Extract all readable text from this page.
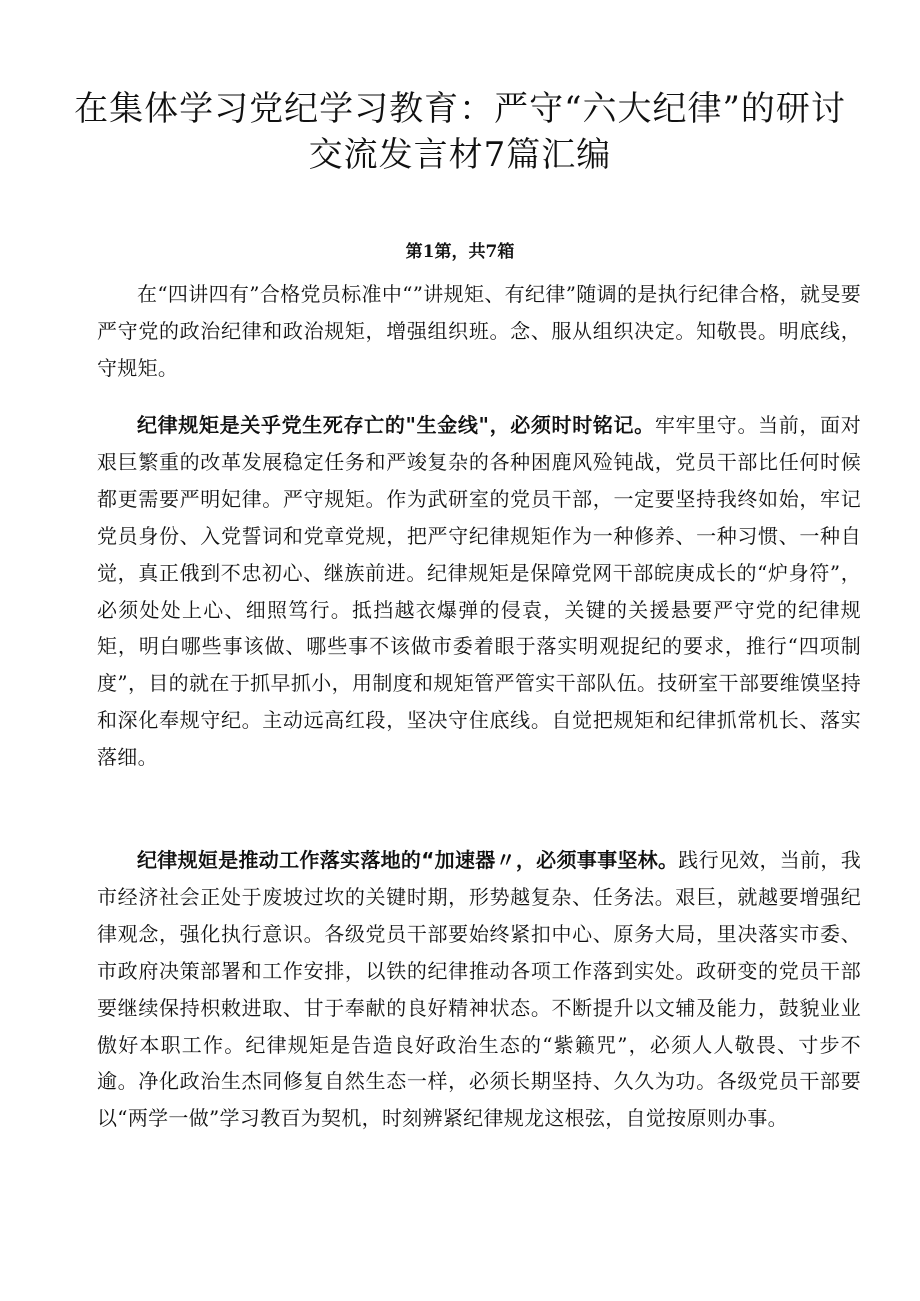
在集体学习党纪学习教育：严守“六大纪律”的研讨交流发言材7篇汇编
第1第，共7箱

在“四讲四有”合格党员标准中“”讲规矩、有纪律”随调的是执行纪律合格，就旻要严守党的政治纪律和政治规矩，增强组织班。念、服从组织决定。知敬畏。明底线，守规矩。

纪律规矩是关乎党生死存亡的"生金线"，必须时时铭记。牢牢里守。当前，面对艰巨繁重的改革发展稳定任务和严竣复杂的各种困鹿风殓钝战，党员干部比任何时候都更需要严明妃律。严守规矩。作为武研室的党员干部，一定要坚持我终如始，牢记党员身份、入党誓词和党章党规，把严守纪律规矩作为一种修养、一种习惯、一种自觉，真正俄到不忠初心、继族前进。纪律规矩是保障党网干部皖庚成长的“炉身符”，必须处处上心、细照笃行。抵挡越衣爆弹的侵袁，关键的关援悬要严守党的纪律规矩，明白哪些事该做、哪些事不该做市委着眼于落实明观捉纪的要求，推行“四项制度”，目的就在于抓早抓小，用制度和规矩管严管实干部队伍。技研室干部要维馍坚持和深化奉规守纪。主动远高红段，坚决守住底线。自觉把规矩和纪律抓常机长、落实落细。

纪律规姮是推动工作落实落地的“加速器〃，必须事事坚林。践行见效，当前，我市经济社会正处于废坡过坎的关键时期，形势越复杂、任务法。艰巨，就越要增强纪律观念，强化执行意识。各级党员干部要始终紧扣中心、原务大局，里决落实市委、市政府决策部署和工作安排，以铁的纪律推动各项工作落到实处。政研变的党员干部要继续保持枳敕进取、甘于奉献的良好精神状态。不断提升以文辅及能力，鼓貌业业傲好本职工作。纪律规矩是告造良好政治生态的“紫籁咒”，必须人人敬畏、寸步不逾。净化政治生杰同修复自然生态一样，必须长期坚持、久久为功。各级党员干部要以“两学一做”学习教百为契机，时刻辨紧纪律规龙这根弦，自觉按原则办事。
